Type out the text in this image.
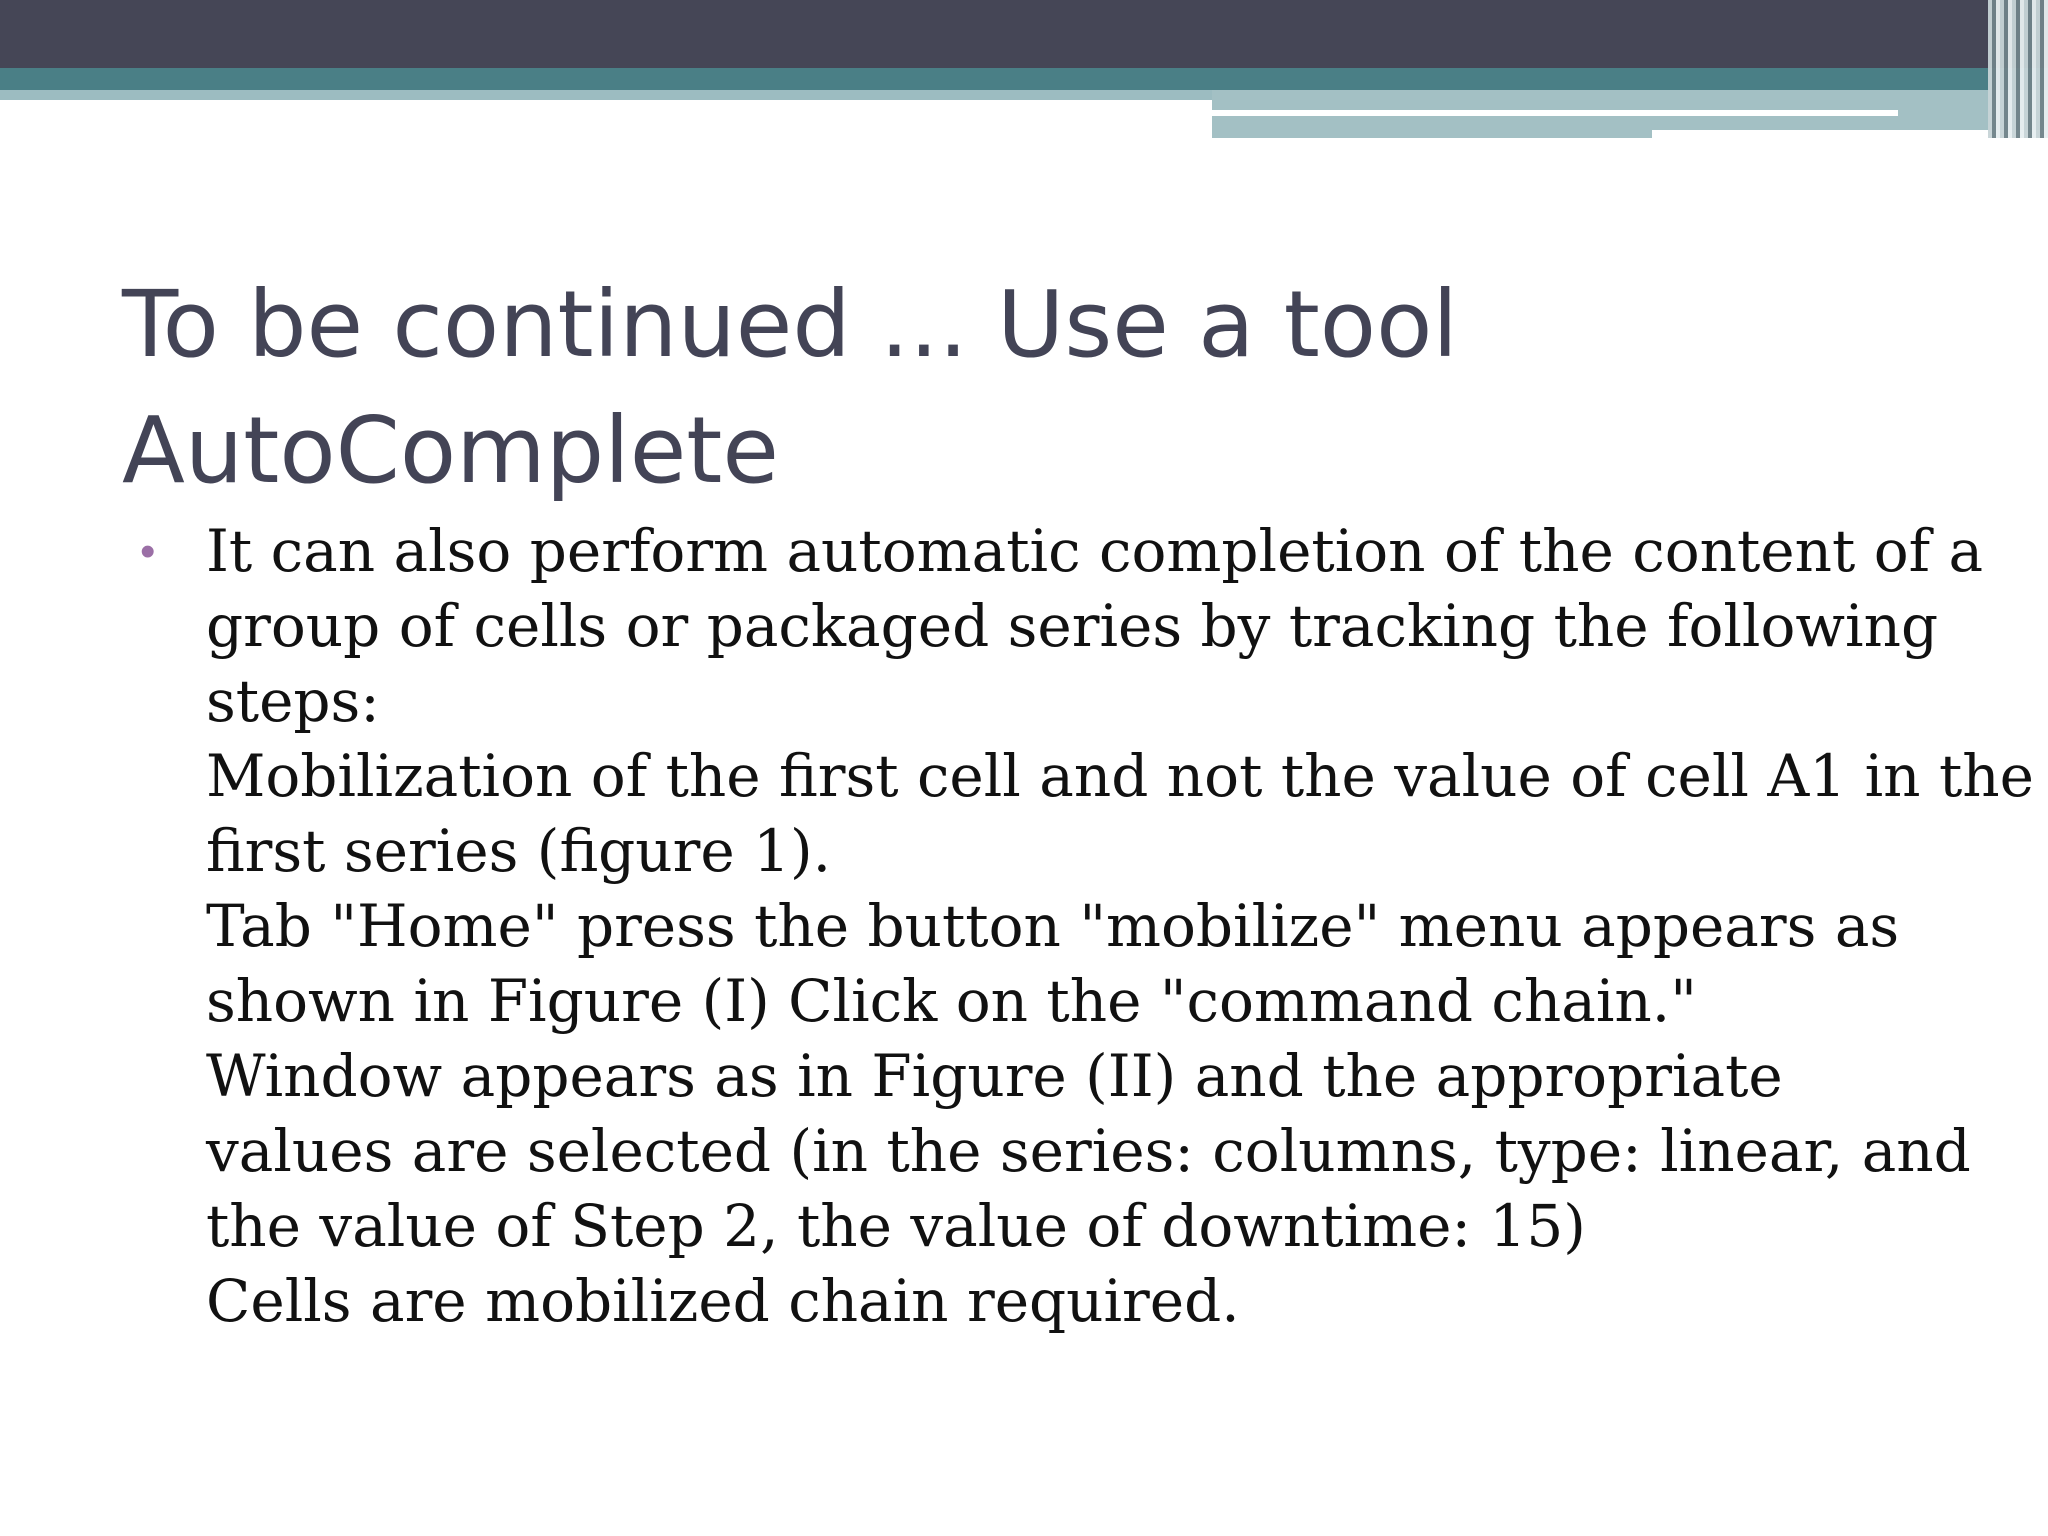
To be continued ... Use a tool
AutoComplete
• It can also perform automatic completion of the content of a
group of cells or packaged series by tracking the following
steps:
Mobilization of the first cell and not the value of cell A1 in the
first series (figure 1).
Tab "Home" press the button "mobilize" menu appears as
shown in Figure (I) Click on the "command chain."
Window appears as in Figure (II) and the appropriate
values are selected (in the series: columns, type: linear, and
the value of Step 2, the value of downtime: 15)
Cells are mobilized chain required.
